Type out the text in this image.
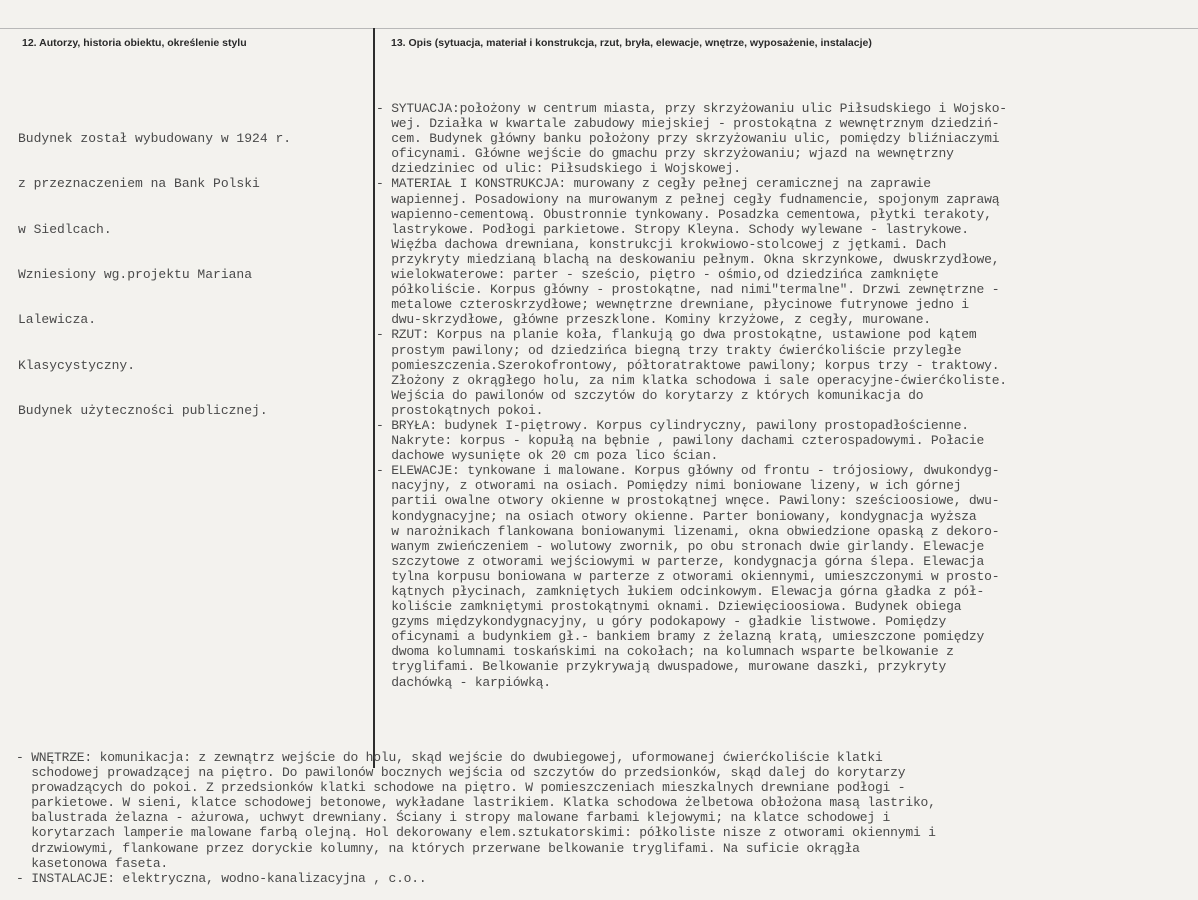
12. Autorzy, historia obiektu, określenie stylu	13. Opis (sytuacja, materiał i konstrukcja, rzut, bryła, elewacje, wnętrze, wyposażenie, instalacje)

Budynek został wybudowany w 1924 r.

z przeznaczeniem na Bank Polski

w Siedlcach.

Wzniesiony wg.projektu Mariana

Lalewicza.

Klasycystyczny.

Budynek użyteczności publicznej.

- SYTUACJA:położony w centrum miasta, przy skrzyżowaniu ulic Piłsudskiego i Wojsko-
wej. Działka w kwartale zabudowy miejskiej - prostokątna z wewnętrznym dziedziń-
cem. Budynek główny banku położony przy skrzyżowaniu ulic, pomiędzy bliźniaczymi
oficynami. Główne wejście do gmachu przy skrzyżowaniu; wjazd na wewnętrzny
dziedziniec od ulic: Piłsudskiego i Wojskowej.
- MATERIAŁ I KONSTRUKCJA: murowany z cegły pełnej ceramicznej na zaprawie
wapiennej. Posadowiony na murowanym z pełnej cegły fudnamencie, spojonym zaprawą
wapienno-cementową. Obustronnie tynkowany. Posadzka cementowa, płytki terakoty,
lastrykowe. Podłogi parkietowe. Stropy Kleyna. Schody wylewane - lastrykowe.
Więźba dachowa drewniana, konstrukcji krokwiowo-stolcowej z jętkami. Dach
przykryty miedzianą blachą na deskowaniu pełnym. Okna skrzynkowe, dwuskrzydłowe,
wielokwaterowe: parter - sześcio, piętro - ośmio,od dziedzińca zamknięte
półkoliście. Korpus główny - prostokątne, nad nimi"termalne". Drzwi zewnętrzne -
metalowe czteroskrzydłowe; wewnętrzne drewniane, płycinowe futrynowe jedno i
dwu-skrzydłowe, główne przeszklone. Kominy krzyżowe, z cegły, murowane.
- RZUT: Korpus na planie koła, flankują go dwa prostokątne, ustawione pod kątem
prostym pawilony; od dziedzińca biegną trzy trakty ćwierćkoliście przyległe
pomieszczenia.Szerokofrontowy, półtoratraktowe pawilony; korpus trzy - traktowy.
Złożony z okrągłego holu, za nim klatka schodowa i sale operacyjne-ćwierćkoliste.
Wejścia do pawilonów od szczytów do korytarzy z których komunikacja do
prostokątnych pokoi.
- BRYŁA: budynek I-piętrowy. Korpus cylindryczny, pawilony prostopadłościenne.
Nakryte: korpus - kopułą na bębnie , pawilony dachami czterospadowymi. Połacie
dachowe wysunięte ok 20 cm poza lico ścian.
- ELEWACJE: tynkowane i malowane. Korpus główny od frontu - trójosiowy, dwukondyg-
nacyjny, z otworami na osiach. Pomiędzy nimi boniowane lizeny, w ich górnej
partii owalne otwory okienne w prostokątnej wnęce. Pawilony: sześcioosiowe, dwu-
kondygnacyjne; na osiach otwory okienne. Parter boniowany, kondygnacja wyższa
w narożnikach flankowana boniowanymi lizenami, okna obwiedzione opaską z dekoro-
wanym zwieńczeniem - wolutowy zwornik, po obu stronach dwie girlandy. Elewacje
szczytowe z otworami wejściowymi w parterze, kondygnacja górna ślepa. Elewacja
tylna korpusu boniowana w parterze z otworami okiennymi, umieszczonymi w prosto-
kątnych płycinach, zamkniętych łukiem odcinkowym. Elewacja górna gładka z pół-
koliście zamkniętymi prostokątnymi oknami. Dziewięcioosiowa. Budynek obiega
gzyms międzykondygnacyjny, u góry podokapowy - gładkie listwowe. Pomiędzy
oficynami a budynkiem gł.- bankiem bramy z żelazną kratą, umieszczone pomiędzy
dwoma kolumnami toskańskimi na cokołach; na kolumnach wsparte belkowanie z
tryglifami. Belkowanie przykrywają dwuspadowe, murowane daszki, przykryty
dachówką - karpiówką.
- WNĘTRZE: komunikacja: z zewnątrz wejście do holu, skąd wejście do dwubiegowej, uformowanej ćwierćkoliście klatki
schodowej prowadzącej na piętro. Do pawilonów bocznych wejścia od szczytów do przedsionków, skąd dalej do korytarzy
prowadzących do pokoi. Z przedsionków klatki schodowe na piętro. W pomieszczeniach mieszkalnych drewniane podłogi -
parkietowe. W sieni, klatce schodowej betonowe, wykładane lastrikiem. Klatka schodowa żelbetowa obłożona masą lastriko,
balustrada żelazna - ażurowa, uchwyt drewniany. Ściany i stropy malowane farbami klejowymi; na klatce schodowej i
korytarzach lamperie malowane farbą olejną. Hol dekorowany elem.sztukatorskimi: półkoliste nisze z otworami okiennymi i
drzwiowymi, flankowane przez doryckie kolumny, na których przerwane belkowanie tryglifami. Na suficie okrągła
kasetonowa faseta.
- INSTALACJE: elektryczna, wodno-kanalizacyjna , c.o..
